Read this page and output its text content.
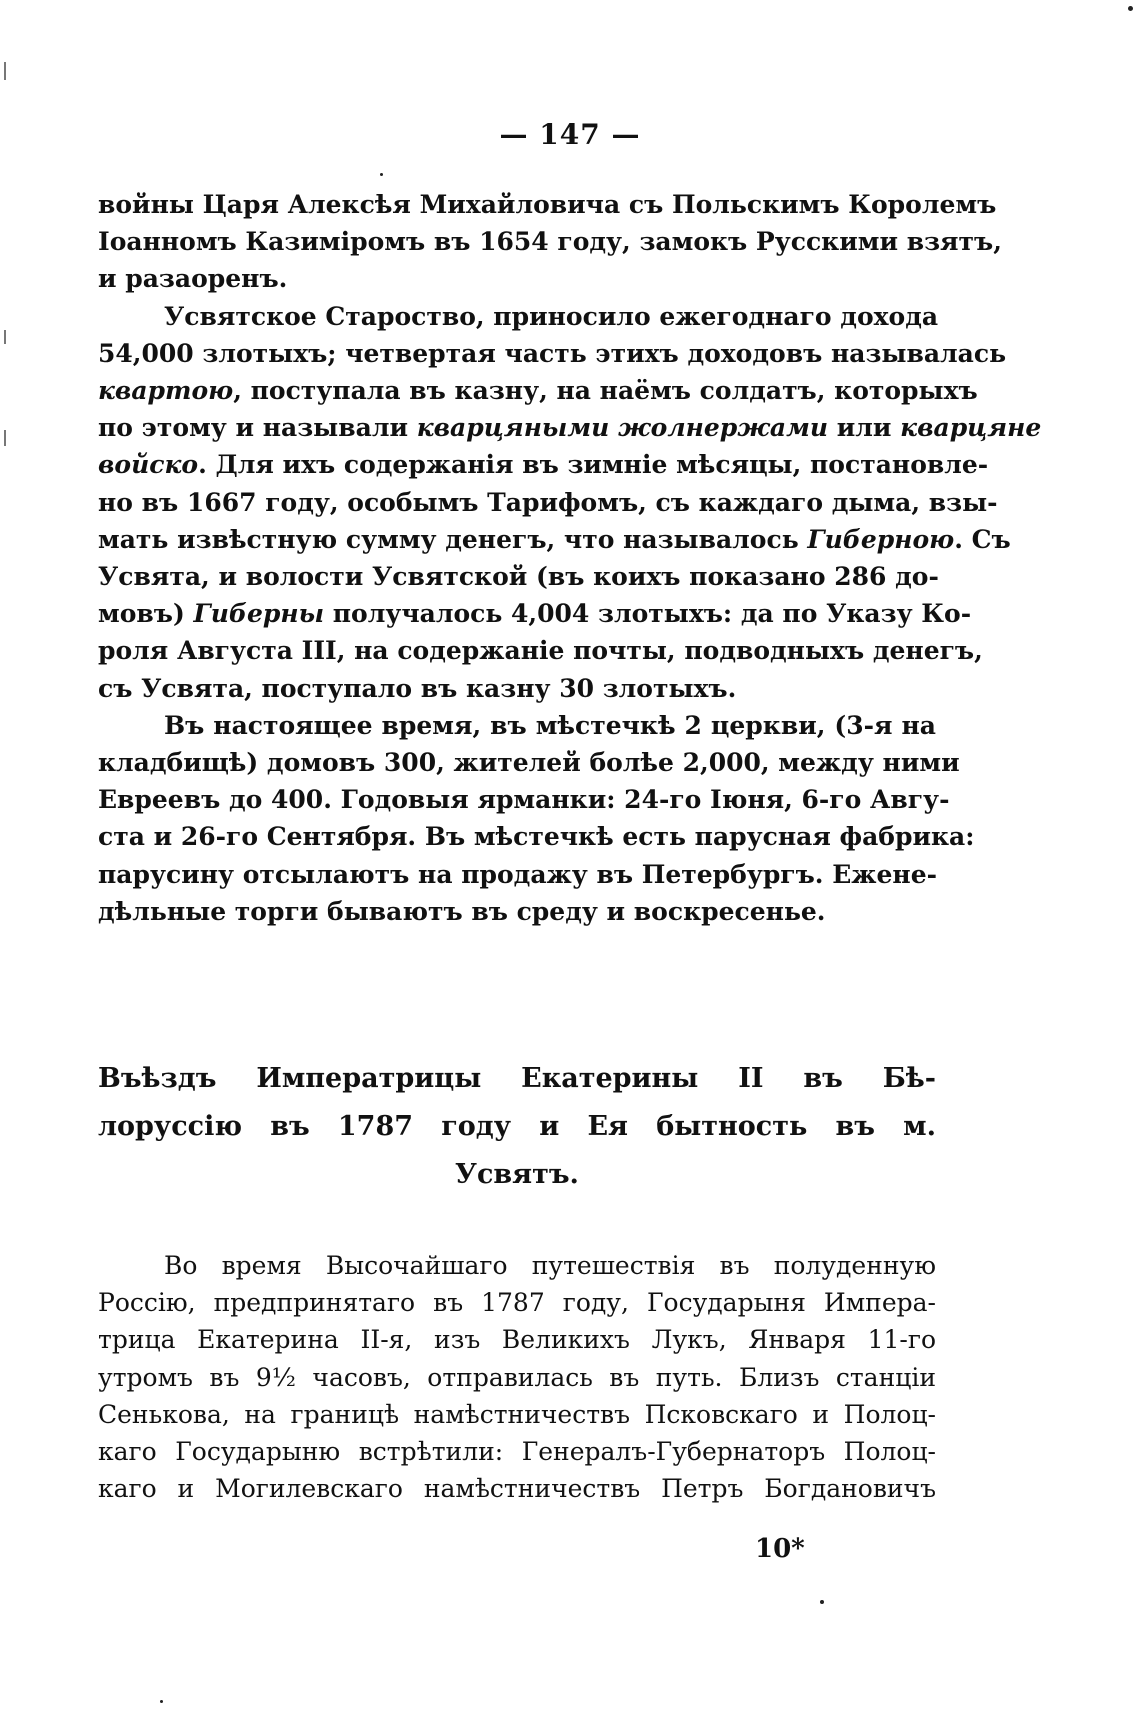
— 147 —
войны Царя Алексѣя Михайловича съ Польскимъ Королемъ
Іоанномъ Казиміромъ въ 1654 году, замокъ Русскими взятъ,
и разаоренъ.
Усвятское Староство, приносило ежегоднаго дохода
54,000 злотыхъ; четвертая часть этихъ доходовъ называлась
квартою, поступала въ казну, на наёмъ солдатъ, которыхъ
по этому и называли кварцяными жолнержами или кварцяне
войско. Для ихъ содержанія въ зимніе мѣсяцы, постановле-
но въ 1667 году, особымъ Тарифомъ, съ каждаго дыма, взы-
мать извѣстную сумму денегъ, что называлось Гиберною. Съ
Усвята, и волости Усвятской (въ коихъ показано 286 до-
мовъ) Гиберны получалось 4,004 злотыхъ: да по Указу Ко-
роля Августа III, на содержаніе почты, подводныхъ денегъ,
съ Усвята, поступало въ казну 30 злотыхъ.
Въ настоящее время, въ мѣстечкѣ 2 церкви, (3-я на
кладбищѣ) домовъ 300, жителей болѣе 2,000, между ними
Евреевъ до 400. Годовыя ярманки: 24-го Іюня, 6-го Авгу-
ста и 26-го Сентября. Въ мѣстечкѣ есть парусная фабрика:
парусину отсылаютъ на продажу въ Петербургъ. Еженe-
дѣльные торги бываютъ въ среду и воскресенье.
Въѣздъ Императрицы Екатерины II въ Бѣ-
лоруссію въ 1787 году и Ея бытность въ м.
Усвятъ.
Во время Высочайшаго путешествія въ полуденную
Россію, предпринятаго въ 1787 году, Государыня Импера-
трица Екатерина II-я, изъ Великихъ Лукъ, Января 11-го
утромъ въ 9½ часовъ, отправилась въ путь. Близъ станціи
Сенькова, на границѣ намѣстничествъ Псковскаго и Полоц-
каго Государыню встрѣтили: Генералъ-Губернаторъ Полоц-
каго и Могилевскаго намѣстничествъ Петръ Богдановичъ
10*
